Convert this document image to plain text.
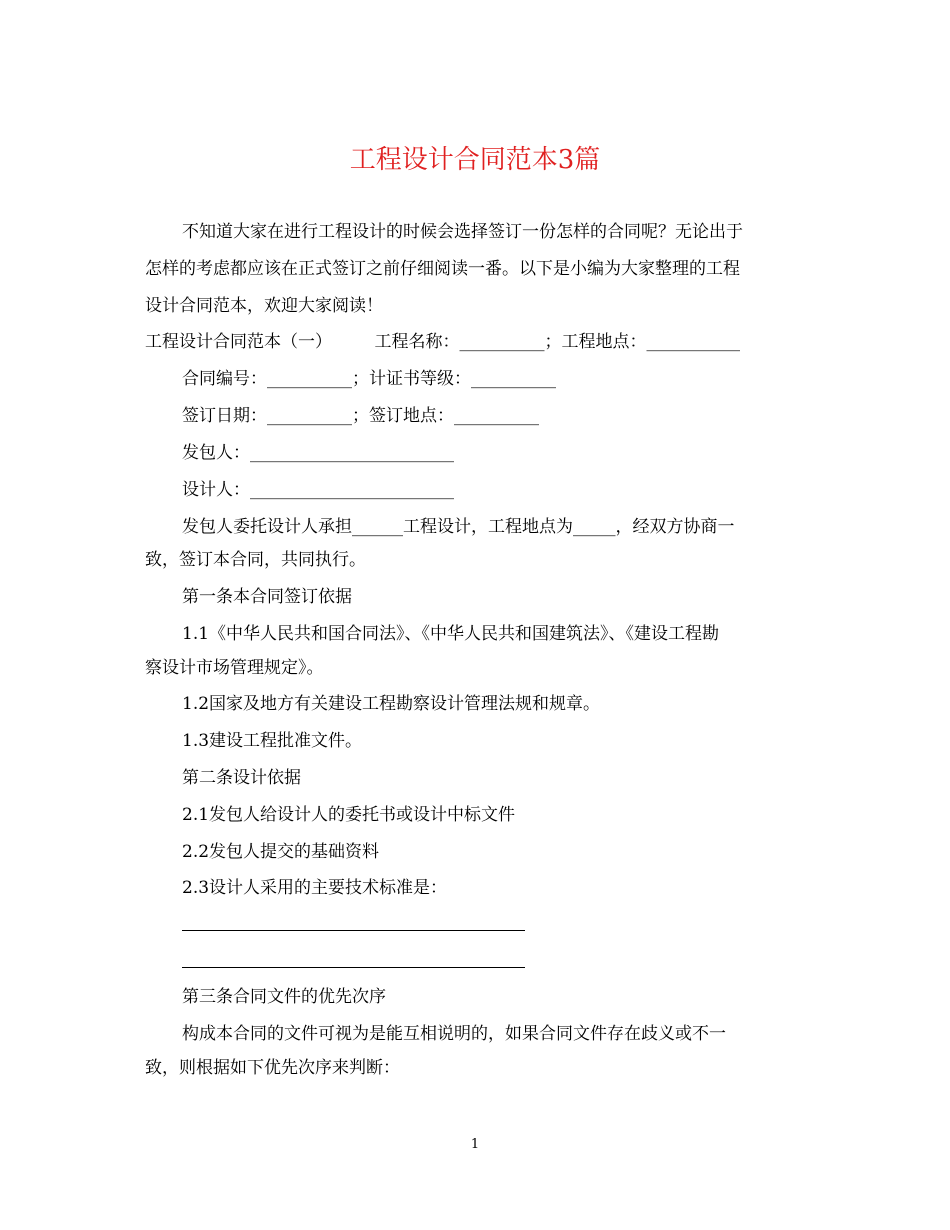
工程设计合同范本3篇
不知道大家在进行工程设计的时候会选择签订一份怎样的合同呢？无论出于
怎样的考虑都应该在正式签订之前仔细阅读一番。以下是小编为大家整理的工程
设计合同范本，欢迎大家阅读！
工程设计合同范本（一）　　　工程名称：__________；工程地点：___________
合同编号：__________；计证书等级：__________
签订日期：__________；签订地点：__________
发包人：________________________
设计人：________________________
发包人委托设计人承担______工程设计，工程地点为_____，经双方协商一
致，签订本合同，共同执行。
第一条本合同签订依据
1.1《中华人民共和国合同法》、《中华人民共和国建筑法》、《建设工程勘
察设计市场管理规定》。
1.2国家及地方有关建设工程勘察设计管理法规和规章。
1.3建设工程批准文件。
第二条设计依据
2.1发包人给设计人的委托书或设计中标文件
2.2发包人提交的基础资料
2.3设计人采用的主要技术标准是：
第三条合同文件的优先次序
构成本合同的文件可视为是能互相说明的，如果合同文件存在歧义或不一
致，则根据如下优先次序来判断：
1
